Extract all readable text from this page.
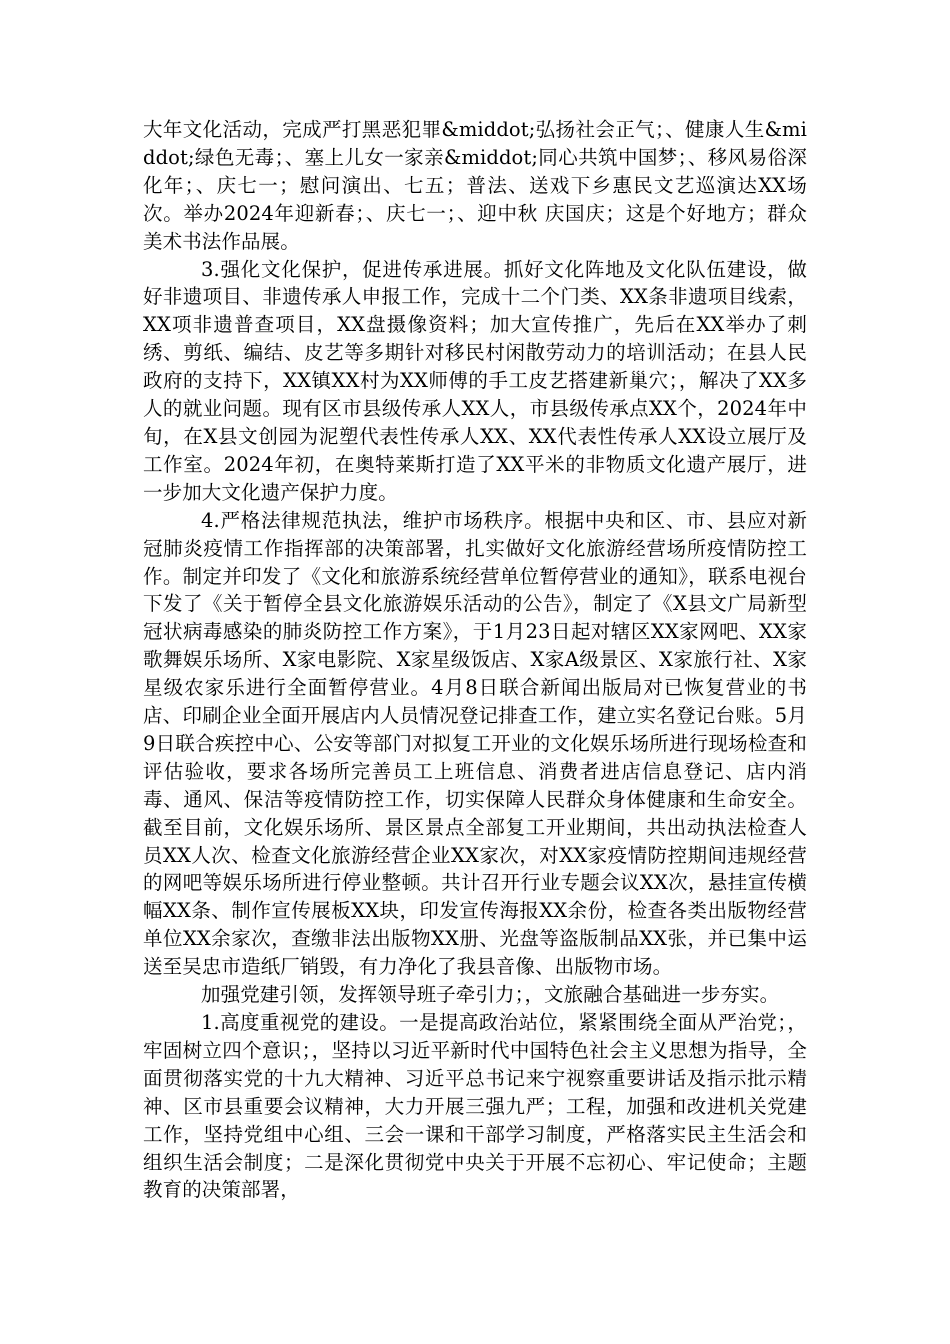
大年文化活动，完成严打黑恶犯罪&middot;弘扬社会正气；、健康人生&middot;绿色无毒；、塞上儿女一家亲&middot;同心共筑中国梦；、移风易俗深化年；、庆七一；慰问演出、七五；普法、送戏下乡惠民文艺巡演达XX场次。举办2024年迎新春；、庆七一；、迎中秋 庆国庆；这是个好地方；群众美术书法作品展。

3.强化文化保护，促进传承进展。抓好文化阵地及文化队伍建设，做好非遗项目、非遗传承人申报工作，完成十二个门类、XX条非遗项目线索，XX项非遗普查项目，XX盘摄像资料；加大宣传推广，先后在XX举办了刺绣、剪纸、编结、皮艺等多期针对移民村闲散劳动力的培训活动；在县人民政府的支持下，XX镇XX村为XX师傅的手工皮艺搭建新巢穴；，解决了XX多人的就业问题。现有区市县级传承人XX人，市县级传承点XX个，2024年中旬，在X县文创园为泥塑代表性传承人XX、XX代表性传承人XX设立展厅及工作室。2024年初，在奥特莱斯打造了XX平米的非物质文化遗产展厅，进一步加大文化遗产保护力度。

4.严格法律规范执法，维护市场秩序。根据中央和区、市、县应对新冠肺炎疫情工作指挥部的决策部署，扎实做好文化旅游经营场所疫情防控工作。制定并印发了《文化和旅游系统经营单位暂停营业的通知》，联系电视台下发了《关于暂停全县文化旅游娱乐活动的公告》，制定了《X县文广局新型冠状病毒感染的肺炎防控工作方案》，于1月23日起对辖区XX家网吧、XX家歌舞娱乐场所、X家电影院、X家星级饭店、X家A级景区、X家旅行社、X家星级农家乐进行全面暂停营业。4月8日联合新闻出版局对已恢复营业的书店、印刷企业全面开展店内人员情况登记排查工作，建立实名登记台账。5月9日联合疾控中心、公安等部门对拟复工开业的文化娱乐场所进行现场检查和评估验收，要求各场所完善员工上班信息、消费者进店信息登记、店内消毒、通风、保洁等疫情防控工作，切实保障人民群众身体健康和生命安全。截至目前，文化娱乐场所、景区景点全部复工开业期间，共出动执法检查人员XX人次、检查文化旅游经营企业XX家次，对XX家疫情防控期间违规经营的网吧等娱乐场所进行停业整顿。共计召开行业专题会议XX次，悬挂宣传横幅XX条、制作宣传展板XX块，印发宣传海报XX余份，检查各类出版物经营单位XX余家次，查缴非法出版物XX册、光盘等盗版制品XX张，并已集中运送至吴忠市造纸厂销毁，有力净化了我县音像、出版物市场。

加强党建引领，发挥领导班子牵引力；，文旅融合基础进一步夯实。

1.高度重视党的建设。一是提高政治站位，紧紧围绕全面从严治党；，牢固树立四个意识；，坚持以习近平新时代中国特色社会主义思想为指导，全面贯彻落实党的十九大精神、习近平总书记来宁视察重要讲话及指示批示精神、区市县重要会议精神，大力开展三强九严；工程，加强和改进机关党建工作，坚持党组中心组、三会一课和干部学习制度，严格落实民主生活会和组织生活会制度；二是深化贯彻党中央关于开展不忘初心、牢记使命；主题教育的决策部署，
